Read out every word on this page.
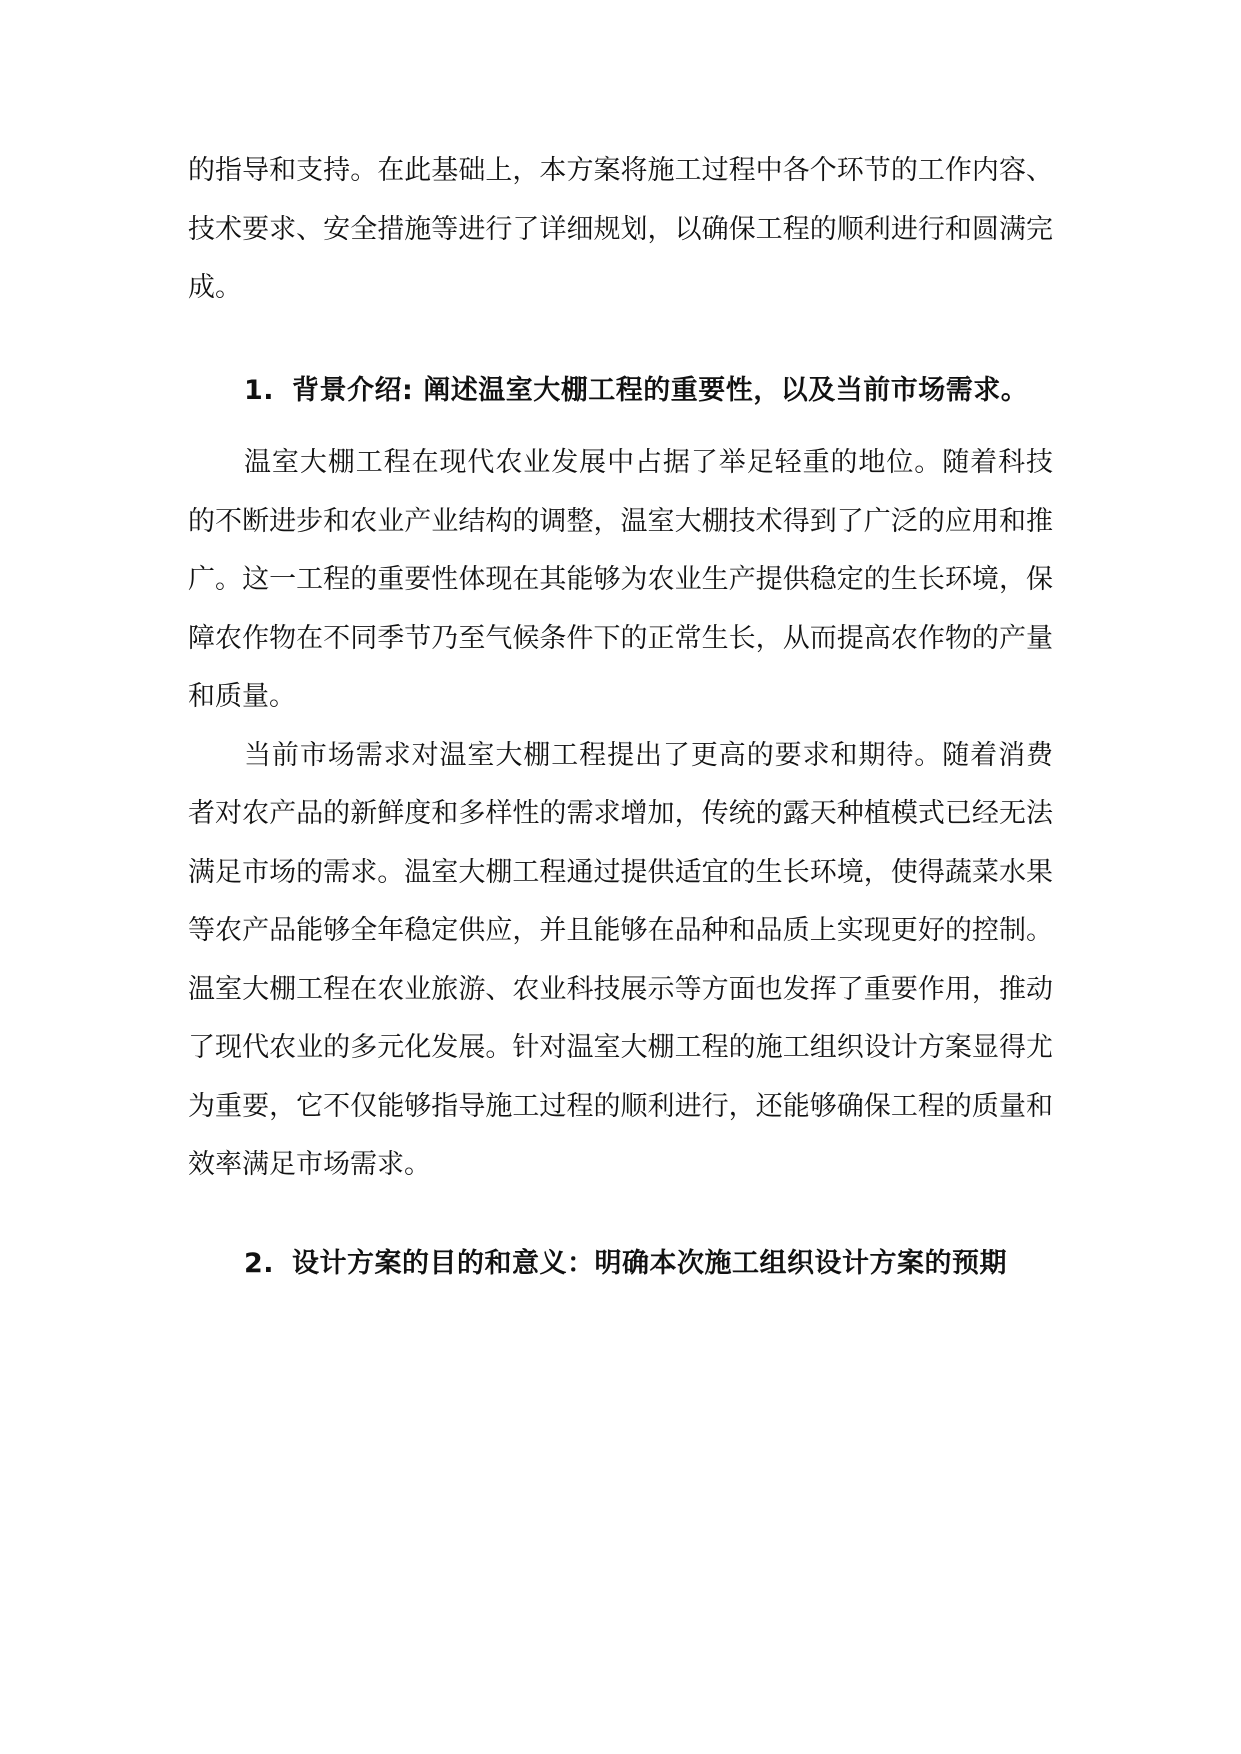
的指导和支持。在此基础上，本方案将施工过程中各个环节的工作内容、技术要求、安全措施等进行了详细规划，以确保工程的顺利进行和圆满完成。

1. 背景介绍: 阐述温室大棚工程的重要性，以及当前市场需求。

温室大棚工程在现代农业发展中占据了举足轻重的地位。随着科技的不断进步和农业产业结构的调整，温室大棚技术得到了广泛的应用和推广。这一工程的重要性体现在其能够为农业生产提供稳定的生长环境，保障农作物在不同季节乃至气候条件下的正常生长，从而提高农作物的产量和质量。

当前市场需求对温室大棚工程提出了更高的要求和期待。随着消费者对农产品的新鲜度和多样性的需求增加，传统的露天种植模式已经无法满足市场的需求。温室大棚工程通过提供适宜的生长环境，使得蔬菜水果等农产品能够全年稳定供应，并且能够在品种和品质上实现更好的控制。温室大棚工程在农业旅游、农业科技展示等方面也发挥了重要作用，推动了现代农业的多元化发展。针对温室大棚工程的施工组织设计方案显得尤为重要，它不仅能够指导施工过程的顺利进行，还能够确保工程的质量和效率满足市场需求。

2. 设计方案的目的和意义：明确本次施工组织设计方案的预期
